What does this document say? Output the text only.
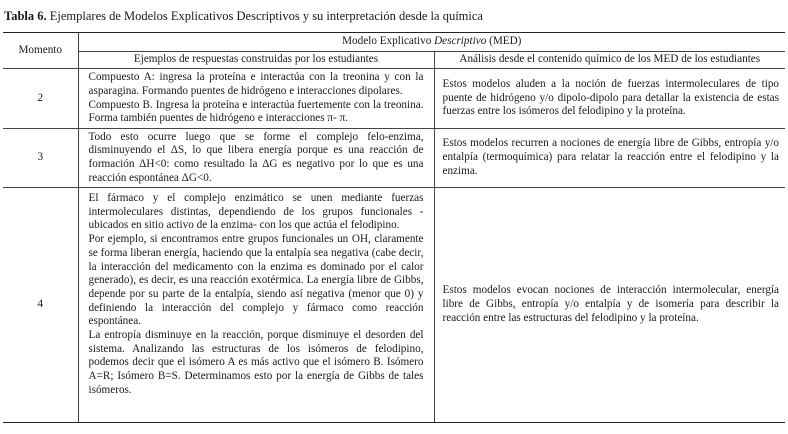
Tabla 6. Ejemplares de Modelos Explicativos Descriptivos y su interpretación desde la química
Momento	Modelo Explicativo Descriptivo (MED)	
	Ejemplos de respuestas construidas por los estudiantes	Análisis desde el contenido químico de los MED de los estudiantes
2	Compuesto A: ingresa la proteína e interactúa con la treonina y con la asparagina. Formando puentes de hidrógeno e interacciones dipolares.
Compuesto B. Ingresa la proteína e interactúa fuertemente con la treonina. Forma también puentes de hidrógeno e interacciones π- π.	Estos modelos aluden a la noción de fuerzas intermoleculares de tipo puente de hidrógeno y/o dipolo-dipolo para detallar la existencia de estas fuerzas entre los isómeros del felodipino y la proteína.
3	Todo esto ocurre luego que se forme el complejo felo-enzima, disminuyendo el ΔS, lo que libera energía porque es una reacción de formación ΔH<0: como resultado la ΔG es negativo por lo que es una reacción espontánea ΔG<0.	Estos modelos recurren a nociones de energía libre de Gibbs, entropía y/o entalpía (termoquímica) para relatar la reacción entre el felodipino y la enzima.
4	El fármaco y el complejo enzimático se unen mediante fuerzas intermoleculares distintas, dependiendo de los grupos funcionales -ubicados en sitio activo de la enzima- con los que actúa el felodipino.
Por ejemplo, si encontramos entre grupos funcionales un OH, claramente se forma liberan energía, haciendo que la entalpía sea negativa (cabe decir, la interacción del medicamento con la enzima es dominado por el calor generado), es decir, es una reacción exotérmica. La energía libre de Gibbs, depende por su parte de la entalpía, siendo así negativa (menor que 0) y definiendo la interacción del complejo y fármaco como reacción espontánea.
La entropía disminuye en la reacción, porque disminuye el desorden del sistema. Analizando las estructuras de los isómeros de felodipino, podemos decir que el isómero A es más activo que el isómero B. Isómero A=R; Isómero B=S. Determinamos esto por la energía de Gibbs de tales isómeros.	Estos modelos evocan nociones de interacción intermolecular, energía libre de Gibbs, entropía y/o entalpía y de isomería para describir la reacción entre las estructuras del felodipino y la proteína.
